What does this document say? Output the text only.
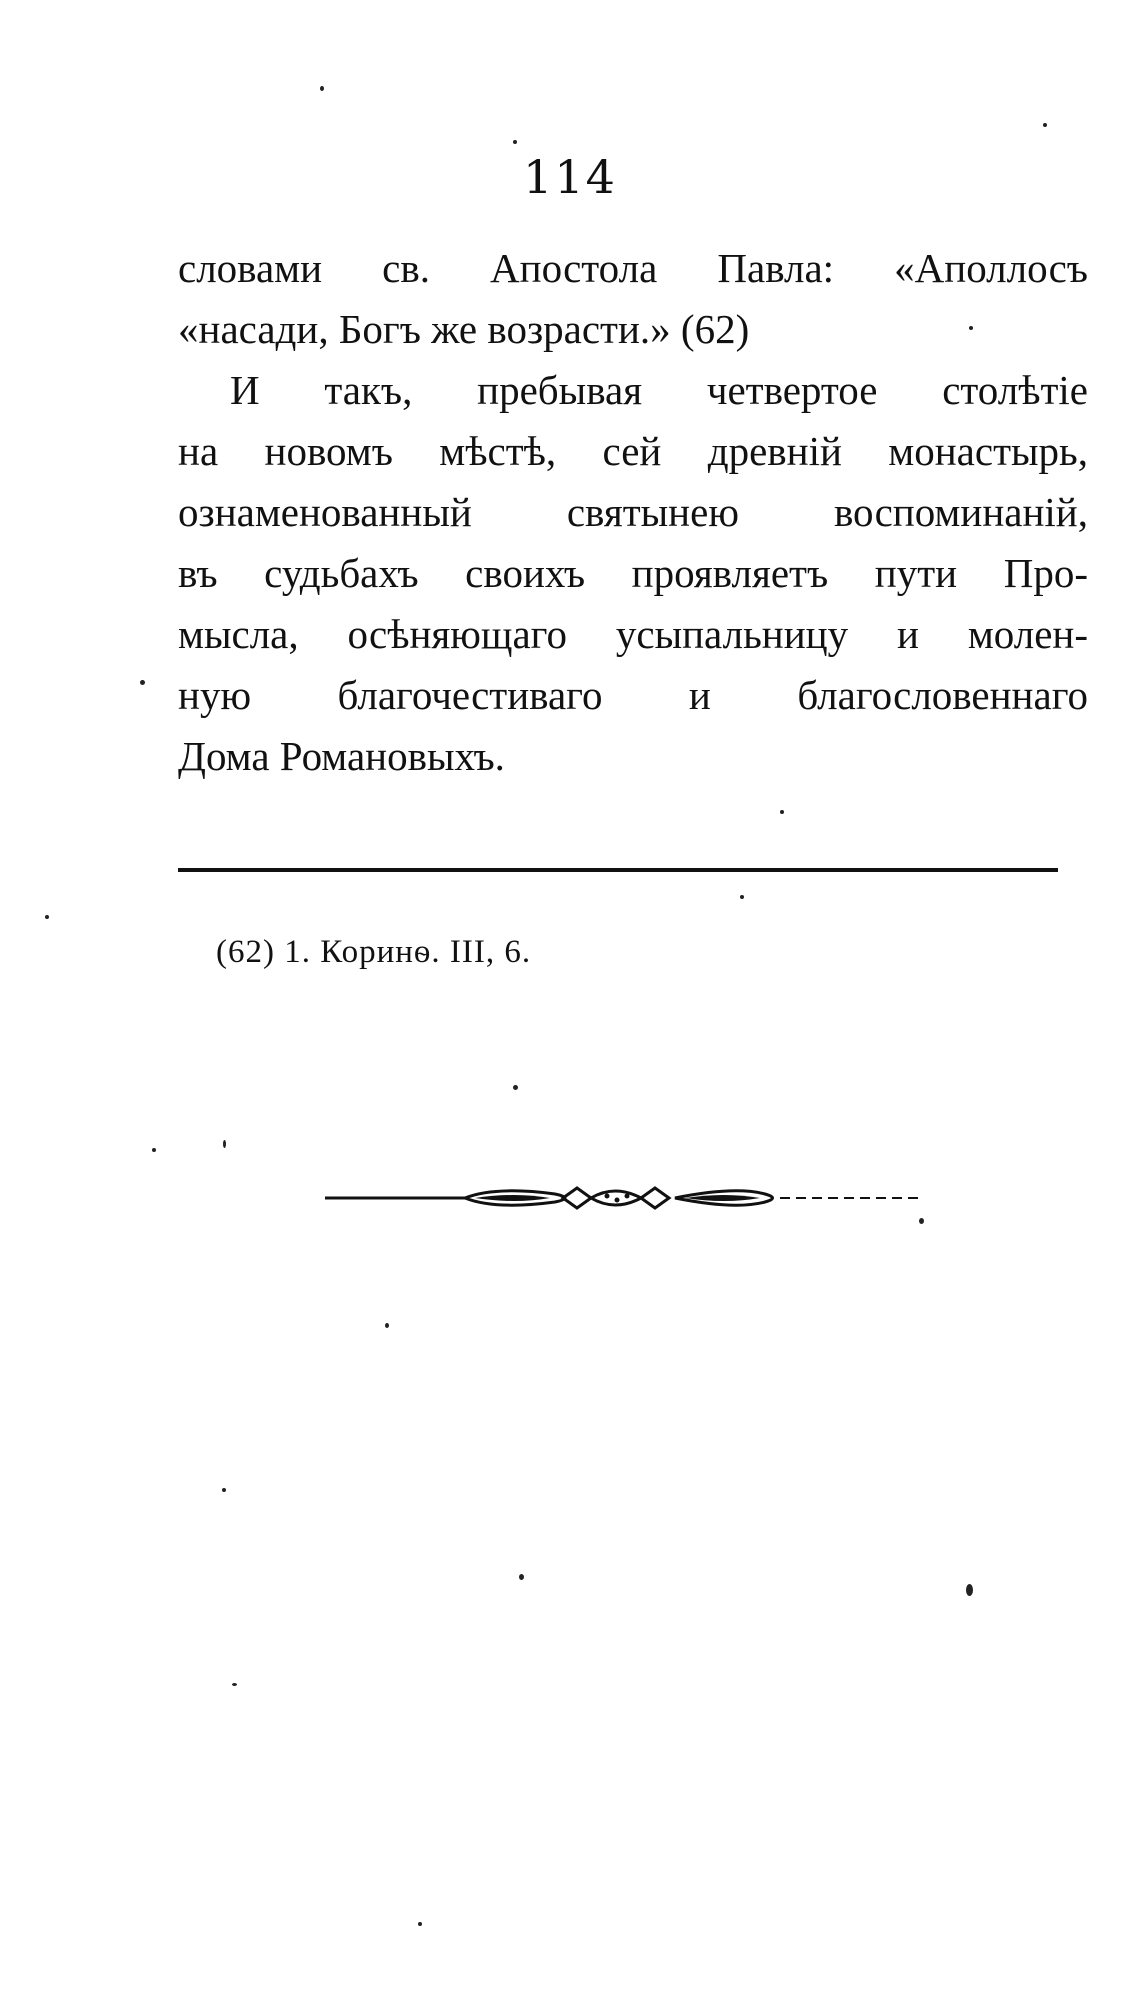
114
словами св. Апостола Павла: «Аполлосъ
«насади, Богъ же возрасти.» (62)
И такъ, пребывая четвертое столѣтіе
на новомъ мѣстѣ, сей древній монастырь,
ознаменованный святынею воспоминаній,
въ судьбахъ своихъ проявляетъ пути Про-
мысла, осѣняющаго усыпальницу и молен-
ную благочестиваго и благословеннаго
Дома Романовыхъ.
(62) 1. Коринѳ. III, 6.
